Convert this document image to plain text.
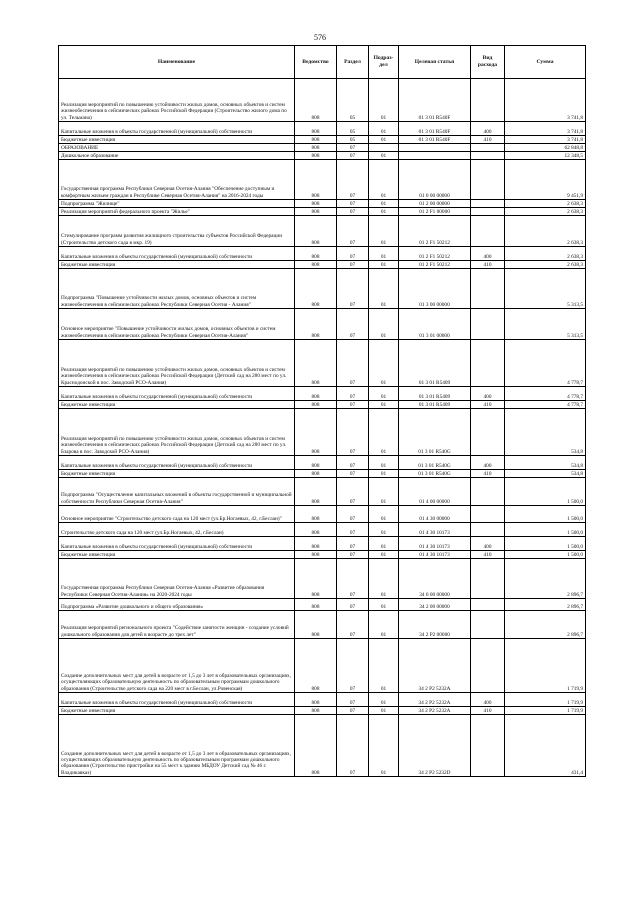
576
Наименование	Ведомство	Раздел	Подраз-
дел	Целевая статья	Вид
расхода	Сумма
Реализация мероприятий по повышению устойчивости жилых домов, основных объектов и систем жизнеобеспечения в сейсмических районах Российской Федерации (Строительство жилого дома по ул. Тельмана)	808	05	01	01 3 01 R540F		3 741,8
Капитальные вложения в объекты государственной (муниципальной) собственности	808	05	01	01 3 01 R540F	400	3 741,8
Бюджетные инвестиции	808	05	01	01 3 01 R540F	410	3 741,8
ОБРАЗОВАНИЕ	808	07				62 848,8
Дошкольное образование	808	07	01			12 348,5
Государственная программа Республики Северная Осетия-Алания "Обеспечение доступным и комфортным жильем граждан в Республике Северная Осетия-Алания" на 2016-2024 годы	808	07	01	01 0 00 00000		9 451,9
Подпрограмма "Жилище"	808	07	01	01 2 00 00000		2 638,3
Реализация мероприятий федерального проекта "Жилье"	808	07	01	01 2 F1 00000		2 638,3
Стимулирование программ развития жилищного строительства субъектов Российской Федерации (Строительство детского сада в мкр. 19)	808	07	01	01 2 F1 50212		2 638,3
Капитальные вложения в объекты государственной (муниципальной) собственности	808	07	01	01 2 F1 50212	400	2 638,3
Бюджетные инвестиции	808	07	01	01 2 F1 50212	410	2 638,3
Подпрограмма "Повышение устойчивости жилых домов, основных объектов и систем жизнеобеспечения в сейсмических районах Республики Северная Осетия - Алания"	808	07	01	01 3 00 00000		5 313,5
Основное мероприятие "Повышение устойчивости жилых домов, основных объектов и систем жизнеобеспечения в сейсмических районах Республики Северная Осетия-Алания"	808	07	01	01 3 01 00000		5 313,5
Реализация мероприятий по повышению устойчивости жилых домов, основных объектов и систем жизнеобеспечения в сейсмических районах Российской Федерации (Детский сад на 280 мест по ул. Краснодонской в пос. Заводской РСО-Алания)	808	07	01	01 3 01 R5409		4 778,7
Капитальные вложения в объекты государственной (муниципальной) собственности	808	07	01	01 3 01 R5409	400	4 778,7
Бюджетные инвестиции	808	07	01	01 3 01 R5409	410	4 778,7
Реализация мероприятий по повышению устойчивости жилых домов, основных объектов и систем жизнеобеспечения в сейсмических районах Российской Федерации (Детский сад на 280 мест по ул. Бзарова в пос. Заводской РСО-Алания)	808	07	01	01 3 01 R540G		534,8
Капитальные вложения в объекты государственной (муниципальной) собственности	808	07	01	01 3 01 R540G	400	534,8
Бюджетные инвестиции	808	07	01	01 3 01 R540G	410	534,8
Подпрограмма "Осуществление капитальных вложений в объекты государственной и муниципальной собственности Республики Северная Осетия-Алания"	808	07	01	01 4 00 00000		1 500,0
Основное мероприятие "Строительство детского сада на 120 мест (ул.Бр.Ногаевых, 42, г.Беслан)"	808	07	01	01 4 30 00000		1 500,0
Строительство детского сада на 120 мест (ул.Бр.Ногаевых, 42, г.Беслан)	808	07	01	01 4 30 10173		1 500,0
Капитальные вложения в объекты государственной (муниципальной) собственности	808	07	01	01 4 30 10173	400	1 500,0
Бюджетные инвестиции	808	07	01	01 4 30 10173	410	1 500,0
Государственная программа Республики Северная Осетия-Алания «Развитие образования Республики Северная Осетия-Алания» на 2020-2024 годы	808	07	01	34 0 00 00000		2 896,7
Подпрограмма «Развитие дошкольного и общего образования»	808	07	01	34 2 00 00000		2 896,7
Реализация мероприятий регионального проекта "Содействие занятости женщин - создание условий дошкольного образования для детей в возрасте до трех лет"	808	07	01	34 2 P2 00000		2 896,7
Создание дополнительных мест для детей в возрасте от 1,5 до 3 лет в образовательных организациях, осуществляющих образовательную деятельность по образовательным программам дошкольного образования (Строительство детского сада на 220 мест в г.Беслан, ул.Ровенская)	808	07	01	34 2 P2 5232A		1 719,9
Капитальные вложения в объекты государственной (муниципальной) собственности	808	07	01	34 2 P2 5232A	400	1 719,9
Бюджетные инвестиции	808	07	01	34 2 P2 5232A	410	1 719,9
Создание дополнительных мест для детей в возрасте от 1,5 до 3 лет в образовательных организациях, осуществляющих образовательную деятельность по образовательным программам дошкольного образования (Строительство пристройки на 55 мест к зданию МБДОУ Детский сад № 46 г. Владикавказ)	808	07	01	34 2 P2 5232D		431,4
